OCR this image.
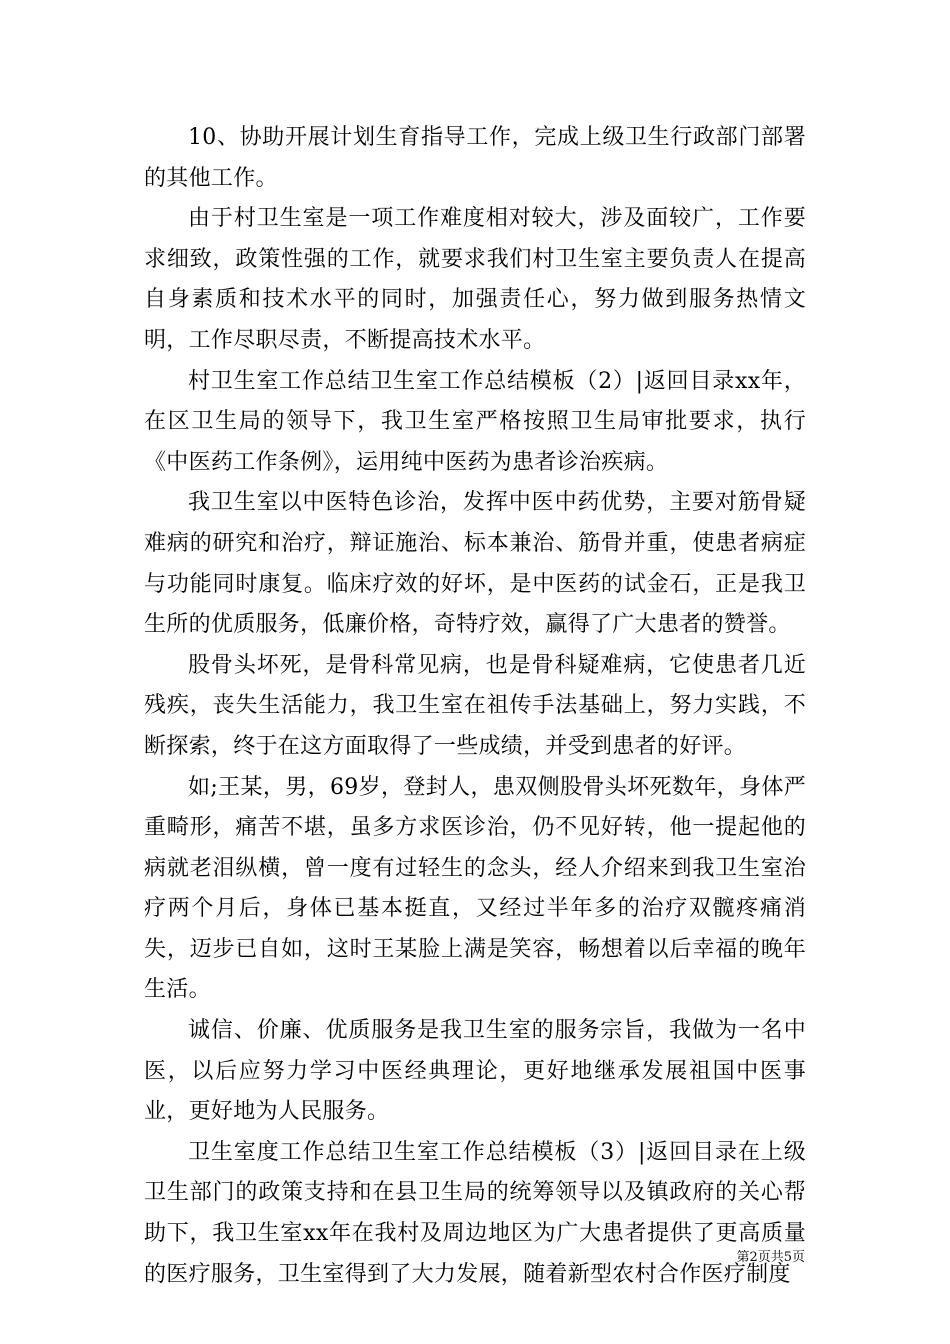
10、协助开展计划生育指导工作，完成上级卫生行政部门部署的其他工作。

由于村卫生室是一项工作难度相对较大，涉及面较广，工作要求细致，政策性强的工作，就要求我们村卫生室主要负责人在提高自身素质和技术水平的同时，加强责任心，努力做到服务热情文明，工作尽职尽责，不断提高技术水平。

村卫生室工作总结卫生室工作总结模板（2）|返回目录xx年，在区卫生局的领导下，我卫生室严格按照卫生局审批要求，执行《中医药工作条例》，运用纯中医药为患者诊治疾病。

我卫生室以中医特色诊治，发挥中医中药优势，主要对筋骨疑难病的研究和治疗，辩证施治、标本兼治、筋骨并重，使患者病症与功能同时康复。临床疗效的好坏，是中医药的试金石，正是我卫生所的优质服务，低廉价格，奇特疗效，赢得了广大患者的赞誉。

股骨头坏死，是骨科常见病，也是骨科疑难病，它使患者几近残疾，丧失生活能力，我卫生室在祖传手法基础上，努力实践，不断探索，终于在这方面取得了一些成绩，并受到患者的好评。

如;王某，男，69岁，登封人，患双侧股骨头坏死数年，身体严重畸形，痛苦不堪，虽多方求医诊治，仍不见好转，他一提起他的病就老泪纵横，曾一度有过轻生的念头，经人介绍来到我卫生室治疗两个月后，身体已基本挺直，又经过半年多的治疗双髋疼痛消失，迈步已自如，这时王某脸上满是笑容，畅想着以后幸福的晚年生活。

诚信、价廉、优质服务是我卫生室的服务宗旨，我做为一名中医，以后应努力学习中医经典理论，更好地继承发展祖国中医事业，更好地为人民服务。

卫生室度工作总结卫生室工作总结模板（3）|返回目录在上级卫生部门的政策支持和在县卫生局的统筹领导以及镇政府的关心帮助下，我卫生室xx年在我村及周边地区为广大患者提供了更高质量的医疗服务，卫生室得到了大力发展，随着新型农村合作医疗制度

第2页共5页
